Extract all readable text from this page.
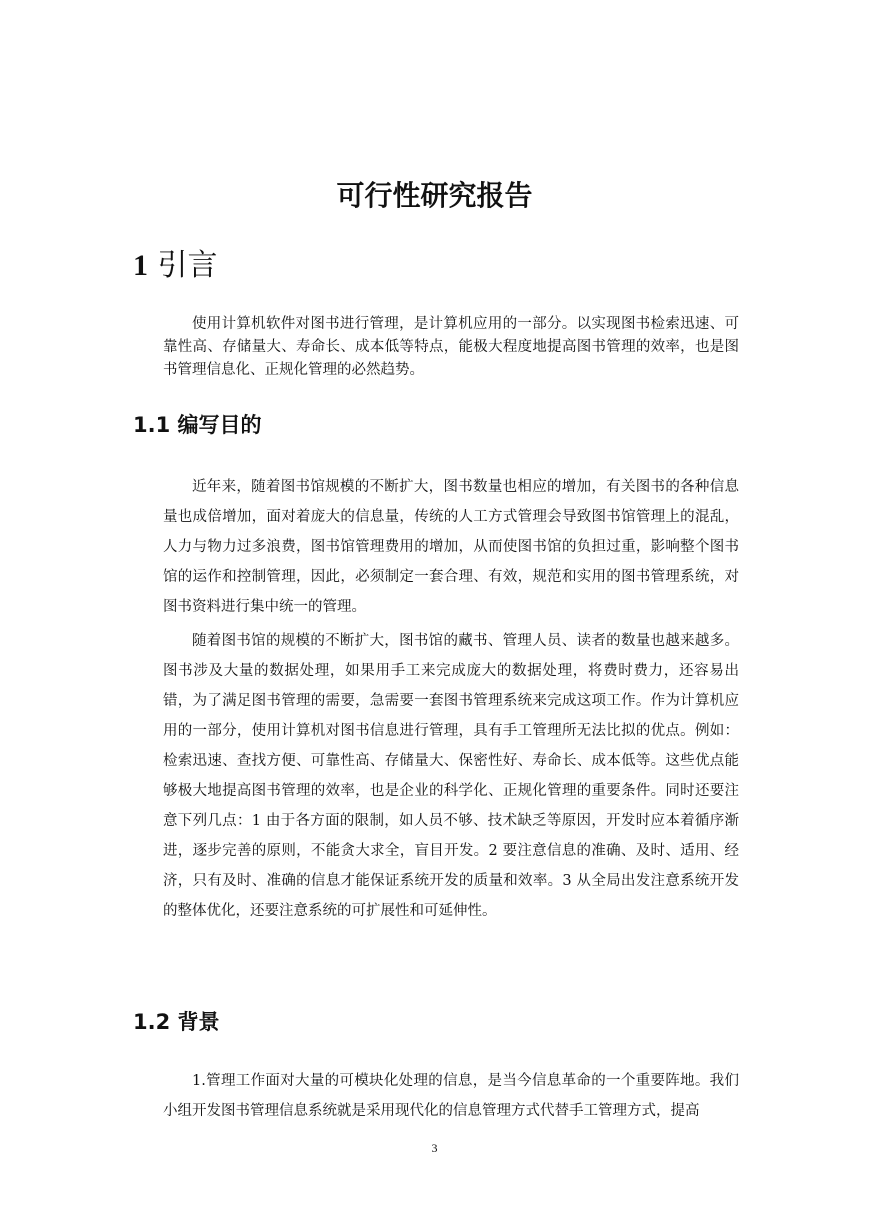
可行性研究报告
1 引言

使用计算机软件对图书进行管理，是计算机应用的一部分。以实现图书检索迅速、可靠性高、存储量大、寿命长、成本低等特点，能极大程度地提高图书管理的效率，也是图书管理信息化、正规化管理的必然趋势。

1.1 编写目的

近年来，随着图书馆规模的不断扩大，图书数量也相应的增加，有关图书的各种信息量也成倍增加，面对着庞大的信息量，传统的人工方式管理会导致图书馆管理上的混乱，人力与物力过多浪费，图书馆管理费用的增加，从而使图书馆的负担过重，影响整个图书馆的运作和控制管理，因此，必须制定一套合理、有效，规范和实用的图书管理系统，对图书资料进行集中统一的管理。

随着图书馆的规模的不断扩大，图书馆的藏书、管理人员、读者的数量也越来越多。图书涉及大量的数据处理，如果用手工来完成庞大的数据处理，将费时费力，还容易出错，为了满足图书管理的需要，急需要一套图书管理系统来完成这项工作。作为计算机应用的一部分，使用计算机对图书信息进行管理，具有手工管理所无法比拟的优点。例如：检索迅速、查找方便、可靠性高、存储量大、保密性好、寿命长、成本低等。这些优点能够极大地提高图书管理的效率，也是企业的科学化、正规化管理的重要条件。同时还要注意下列几点：1 由于各方面的限制，如人员不够、技术缺乏等原因，开发时应本着循序渐进，逐步完善的原则，不能贪大求全，盲目开发。2 要注意信息的准确、及时、适用、经济，只有及时、准确的信息才能保证系统开发的质量和效率。3 从全局出发注意系统开发的整体优化，还要注意系统的可扩展性和可延伸性。

1.2 背景

1.管理工作面对大量的可模块化处理的信息，是当今信息革命的一个重要阵地。我们小组开发图书管理信息系统就是采用现代化的信息管理方式代替手工管理方式，提高

3
